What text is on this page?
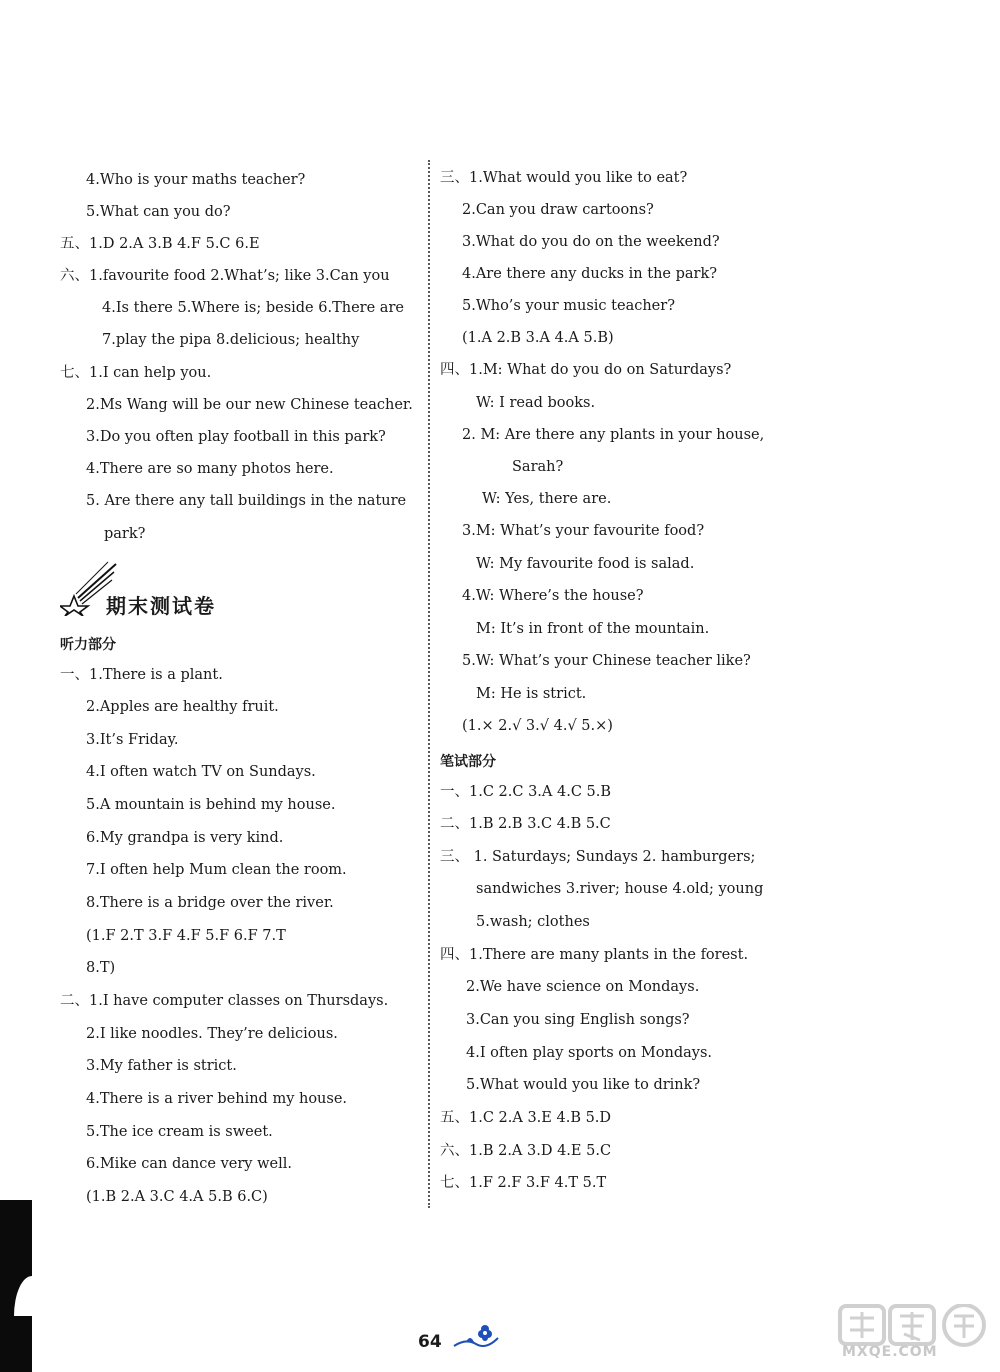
4.Who is your maths teacher?
5.What can you do?
五、1.D 2.A 3.B 4.F 5.C 6.E
六、1.favourite food 2.What’s; like 3.Can you
4.Is there 5.Where is; beside 6.There are
7.play the pipa 8.delicious; healthy
七、1.I can help you.
2.Ms Wang will be our new Chinese teacher.
3.Do you often play football in this park?
4.There are so many photos here.
5. Are there any tall buildings in the nature
park?
期末测试卷
听力部分
一、1.There is a plant.
2.Apples are healthy fruit.
3.It’s Friday.
4.I often watch TV on Sundays.
5.A mountain is behind my house.
6.My grandpa is very kind.
7.I often help Mum clean the room.
8.There is a bridge over the river.
(1.F 2.T 3.F 4.F 5.F 6.F 7.T
8.T)
二、1.I have computer classes on Thursdays.
2.I like noodles. They’re delicious.
3.My father is strict.
4.There is a river behind my house.
5.The ice cream is sweet.
6.Mike can dance very well.
(1.B 2.A 3.C 4.A 5.B 6.C)
三、1.What would you like to eat?
2.Can you draw cartoons?
3.What do you do on the weekend?
4.Are there any ducks in the park?
5.Who’s your music teacher?
(1.A 2.B 3.A 4.A 5.B)
四、1.M: What do you do on Saturdays?
W: I read books.
2. M: Are there any plants in your house,
Sarah?
W: Yes, there are.
3.M: What’s your favourite food?
W: My favourite food is salad.
4.W: Where’s the house?
M: It’s in front of the mountain.
5.W: What’s your Chinese teacher like?
M: He is strict.
(1.× 2.√ 3.√ 4.√ 5.×)
笔试部分
一、1.C 2.C 3.A 4.C 5.B
二、1.B 2.B 3.C 4.B 5.C
三、 1. Saturdays; Sundays 2. hamburgers;
sandwiches 3.river; house 4.old; young
5.wash; clothes
四、1.There are many plants in the forest.
2.We have science on Mondays.
3.Can you sing English songs?
4.I often play sports on Mondays.
5.What would you like to drink?
五、1.C 2.A 3.E 4.B 5.D
六、1.B 2.A 3.D 4.E 5.C
七、1.F 2.F 3.F 4.T 5.T
64	MXQE.COM
